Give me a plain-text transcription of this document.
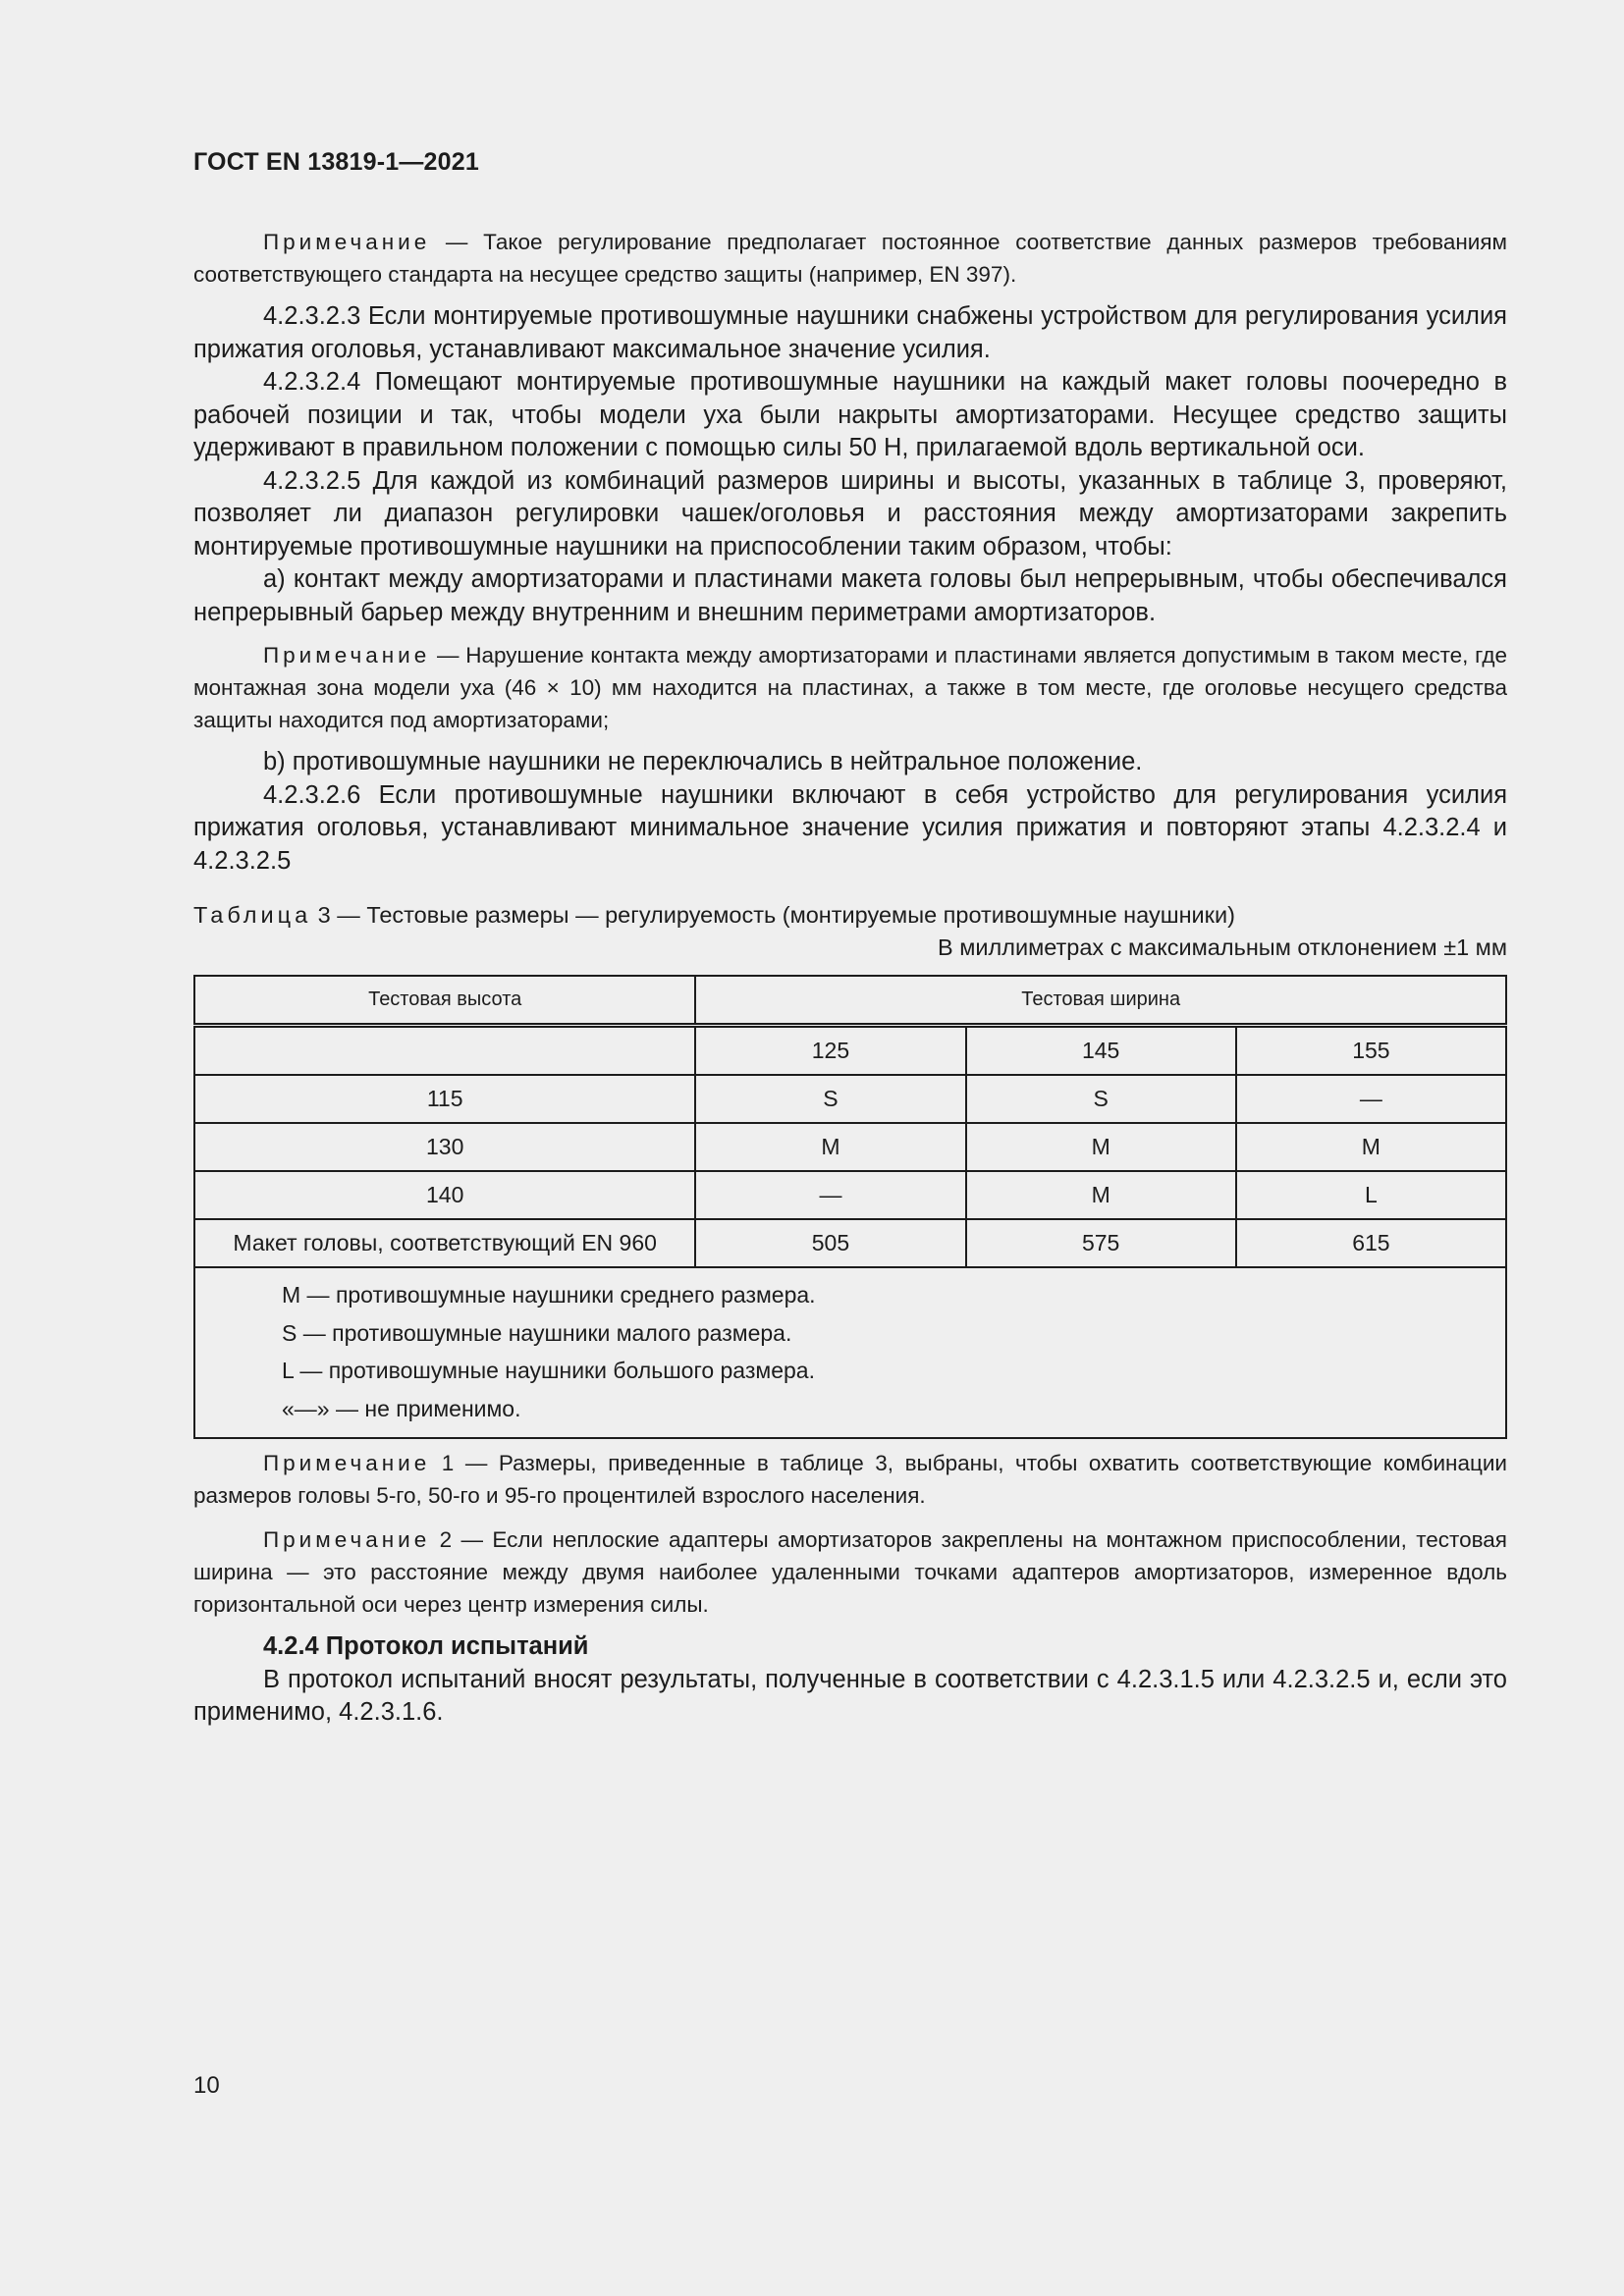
ГОСТ EN 13819-1—2021

Примечание — Такое регулирование предполагает постоянное соответствие данных размеров требованиям соответствующего стандарта на несущее средство защиты (например, EN 397).

4.2.3.2.3 Если монтируемые противошумные наушники снабжены устройством для регулирования усилия прижатия оголовья, устанавливают максимальное значение усилия.

4.2.3.2.4 Помещают монтируемые противошумные наушники на каждый макет головы поочередно в рабочей позиции и так, чтобы модели уха были накрыты амортизаторами. Несущее средство защиты удерживают в правильном положении с помощью силы 50 Н, прилагаемой вдоль вертикальной оси.

4.2.3.2.5 Для каждой из комбинаций размеров ширины и высоты, указанных в таблице 3, проверяют, позволяет ли диапазон регулировки чашек/оголовья и расстояния между амортизаторами закрепить монтируемые противошумные наушники на приспособлении таким образом, чтобы:

a) контакт между амортизаторами и пластинами макета головы был непрерывным, чтобы обеспечивался непрерывный барьер между внутренним и внешним периметрами амортизаторов.

Примечание — Нарушение контакта между амортизаторами и пластинами является допустимым в таком месте, где монтажная зона модели уха (46 × 10) мм находится на пластинах, а также в том месте, где оголовье несущего средства защиты находится под амортизаторами;

b) противошумные наушники не переключались в нейтральное положение.

4.2.3.2.6 Если противошумные наушники включают в себя устройство для регулирования усилия прижатия оголовья, устанавливают минимальное значение усилия прижатия и повторяют этапы 4.2.3.2.4 и 4.2.3.2.5

Таблица 3 — Тестовые размеры — регулируемость (монтируемые противошумные наушники)

В миллиметрах с максимальным отклонением ±1 мм

Тестовая высота	Тестовая ширина		
	125	145	155
115	S	S	—
130	M	M	M
140	—	M	L
Макет головы, соответствующий EN 960	505	575	615

M — противошумные наушники среднего размера.
S — противошумные наушники малого размера.
L — противошумные наушники большого размера.
«—» — не применимо.			

Примечание 1 — Размеры, приведенные в таблице 3, выбраны, чтобы охватить соответствующие комбинации размеров головы 5-го, 50-го и 95-го процентилей взрослого населения.

Примечание 2 — Если неплоские адаптеры амортизаторов закреплены на монтажном приспособлении, тестовая ширина — это расстояние между двумя наиболее удаленными точками адаптеров амортизаторов, измеренное вдоль горизонтальной оси через центр измерения силы.

4.2.4 Протокол испытаний

В протокол испытаний вносят результаты, полученные в соответствии с 4.2.3.1.5 или 4.2.3.2.5 и, если это применимо, 4.2.3.1.6.

10
